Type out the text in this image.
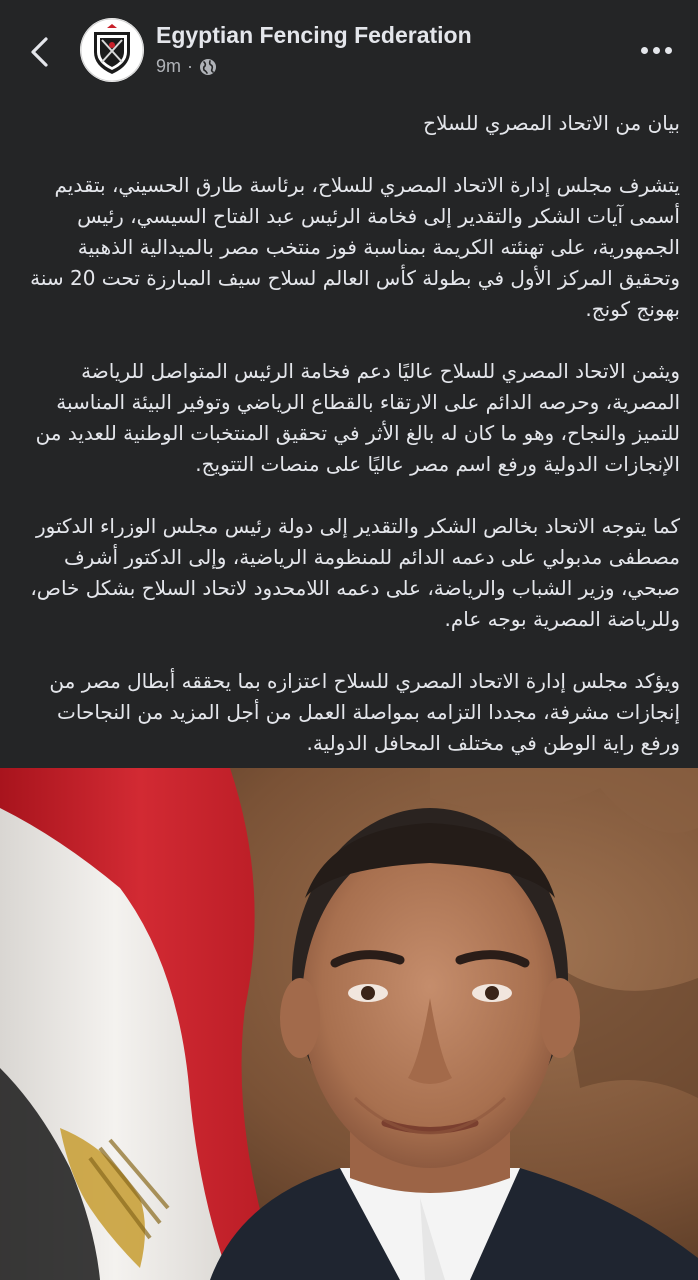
Egyptian Fencing Federation
9m ·

بيان من الاتحاد المصري للسلاح

يتشرف مجلس إدارة الاتحاد المصري للسلاح، برئاسة طارق الحسيني، بتقديم أسمى آيات الشكر والتقدير إلى فخامة الرئيس عبد الفتاح السيسي، رئيس الجمهورية، على تهنئته الكريمة بمناسبة فوز منتخب مصر بالميدالية الذهبية وتحقيق المركز الأول في بطولة كأس العالم لسلاح سيف المبارزة تحت 20 سنة بهونج كونج.

ويثمن الاتحاد المصري للسلاح عاليًا دعم فخامة الرئيس المتواصل للرياضة المصرية، وحرصه الدائم على الارتقاء بالقطاع الرياضي وتوفير البيئة المناسبة للتميز والنجاح، وهو ما كان له بالغ الأثر في تحقيق المنتخبات الوطنية للعديد من الإنجازات الدولية ورفع اسم مصر عاليًا على منصات التتويج.

كما يتوجه الاتحاد بخالص الشكر والتقدير إلى دولة رئيس مجلس الوزراء الدكتور مصطفى مدبولي على دعمه الدائم للمنظومة الرياضية، وإلى الدكتور أشرف صبحي، وزير الشباب والرياضة، على دعمه اللامحدود لاتحاد السلاح بشكل خاص، وللرياضة المصرية بوجه عام.

ويؤكد مجلس إدارة الاتحاد المصري للسلاح اعتزازه بما يحققه أبطال مصر من إنجازات مشرفة، مجددا التزامه بمواصلة العمل من أجل المزيد من النجاحات ورفع راية الوطن في مختلف المحافل الدولية.
